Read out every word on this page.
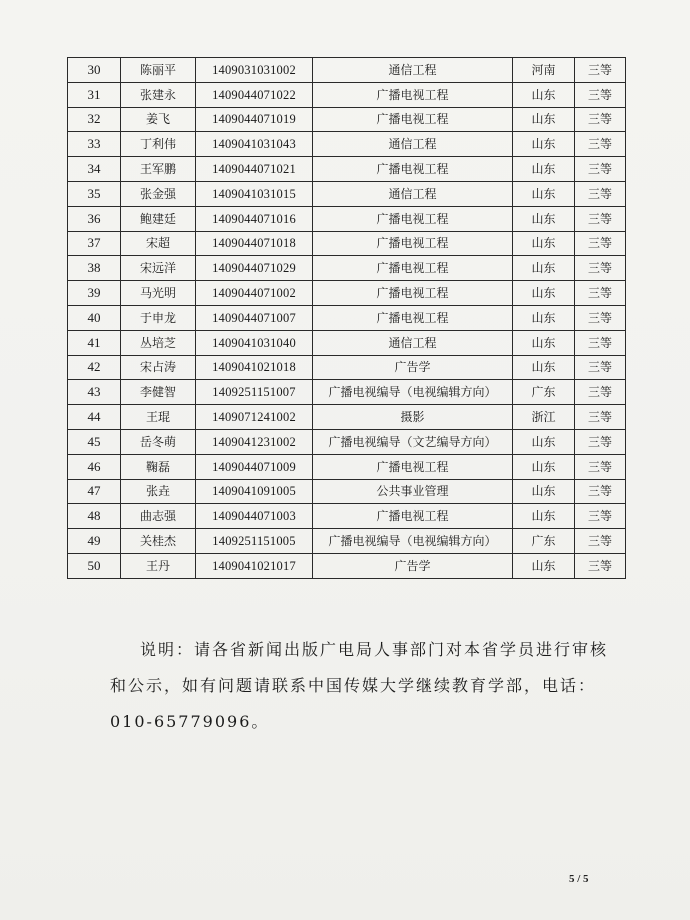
30	陈丽平	1409031031002	通信工程	河南	三等
31	张建永	1409044071022	广播电视工程	山东	三等
32	姜飞	1409044071019	广播电视工程	山东	三等
33	丁利伟	1409041031043	通信工程	山东	三等
34	王军鹏	1409044071021	广播电视工程	山东	三等
35	张金强	1409041031015	通信工程	山东	三等
36	鲍建廷	1409044071016	广播电视工程	山东	三等
37	宋超	1409044071018	广播电视工程	山东	三等
38	宋远洋	1409044071029	广播电视工程	山东	三等
39	马光明	1409044071002	广播电视工程	山东	三等
40	于申龙	1409044071007	广播电视工程	山东	三等
41	丛培芝	1409041031040	通信工程	山东	三等
42	宋占涛	1409041021018	广告学	山东	三等
43	李健智	1409251151007	广播电视编导（电视编辑方向）	广东	三等
44	王琨	1409071241002	摄影	浙江	三等
45	岳冬萌	1409041231002	广播电视编导（文艺编导方向）	山东	三等
46	鞠磊	1409044071009	广播电视工程	山东	三等
47	张垚	1409041091005	公共事业管理	山东	三等
48	曲志强	1409044071003	广播电视工程	山东	三等
49	关桂杰	1409251151005	广播电视编导（电视编辑方向）	广东	三等
50	王丹	1409041021017	广告学	山东	三等
说明：请各省新闻出版广电局人事部门对本省学员进行审核
和公示，如有问题请联系中国传媒大学继续教育学部，电话：
010-65779096。
5 / 5
